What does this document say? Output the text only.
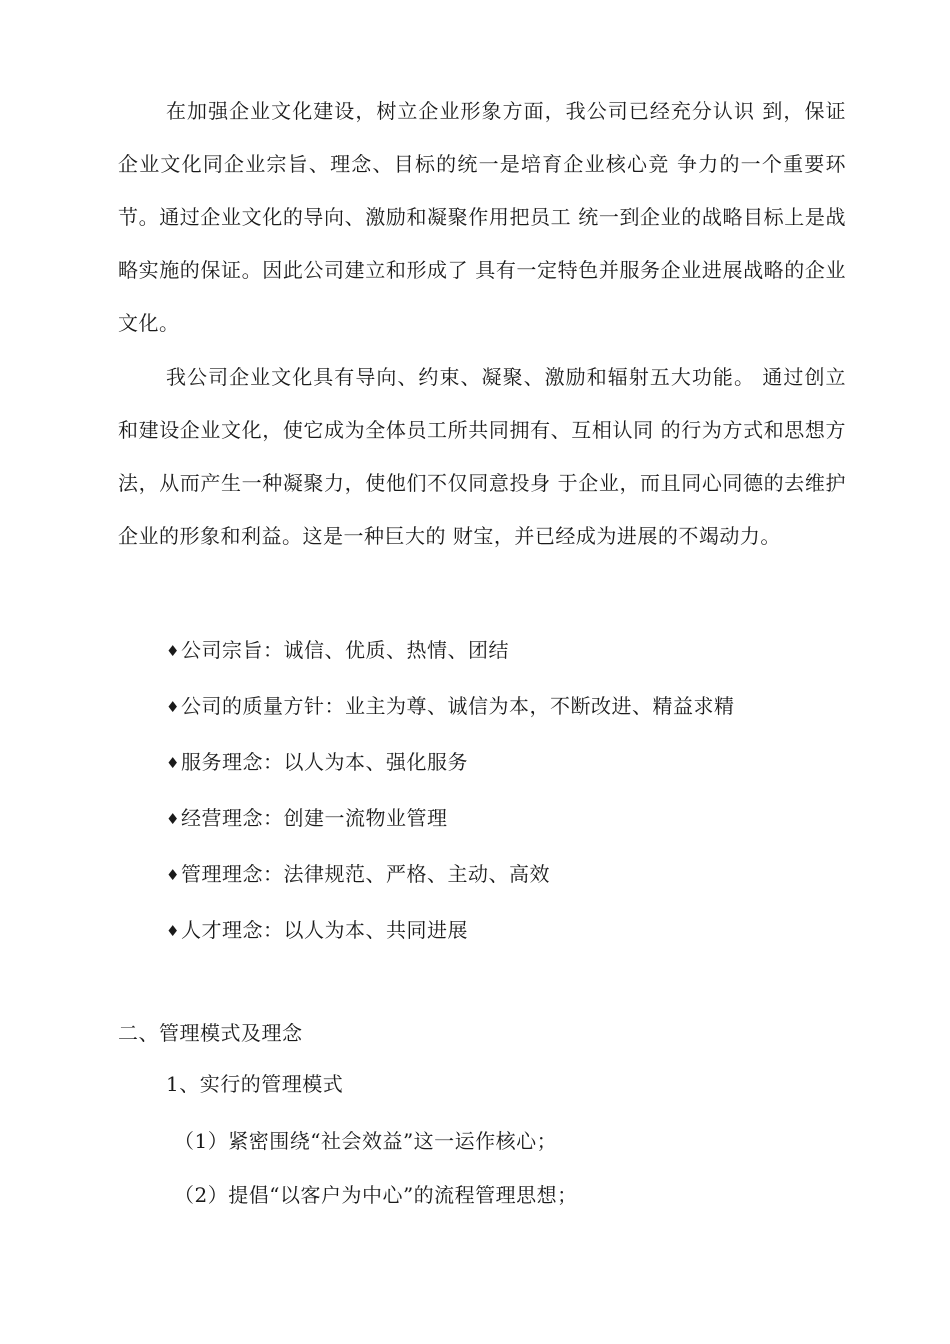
在加强企业文化建设，树立企业形象方面，我公司已经充分认识 到，保证企业文化同企业宗旨、理念、目标的统一是培育企业核心竞 争力的一个重要环节。通过企业文化的导向、激励和凝聚作用把员工 统一到企业的战略目标上是战略实施的保证。因此公司建立和形成了 具有一定特色并服务企业进展战略的企业文化。

我公司企业文化具有导向、约束、凝聚、激励和辐射五大功能。 通过创立和建设企业文化，使它成为全体员工所共同拥有、互相认同 的行为方式和思想方法，从而产生一种凝聚力，使他们不仅同意投身 于企业，而且同心同德的去维护企业的形象和利益。这是一种巨大的 财宝，并已经成为进展的不竭动力。

♦公司宗旨：诚信、优质、热情、团结
♦公司的质量方针：业主为尊、诚信为本，不断改进、精益求精
♦服务理念：以人为本、强化服务
♦经营理念：创建一流物业管理
♦管理理念：法律规范、严格、主动、高效
♦人才理念：以人为本、共同进展

二、管理模式及理念

1、实行的管理模式

（1）紧密围绕“社会效益”这一运作核心；

（2）提倡“以客户为中心”的流程管理思想；
